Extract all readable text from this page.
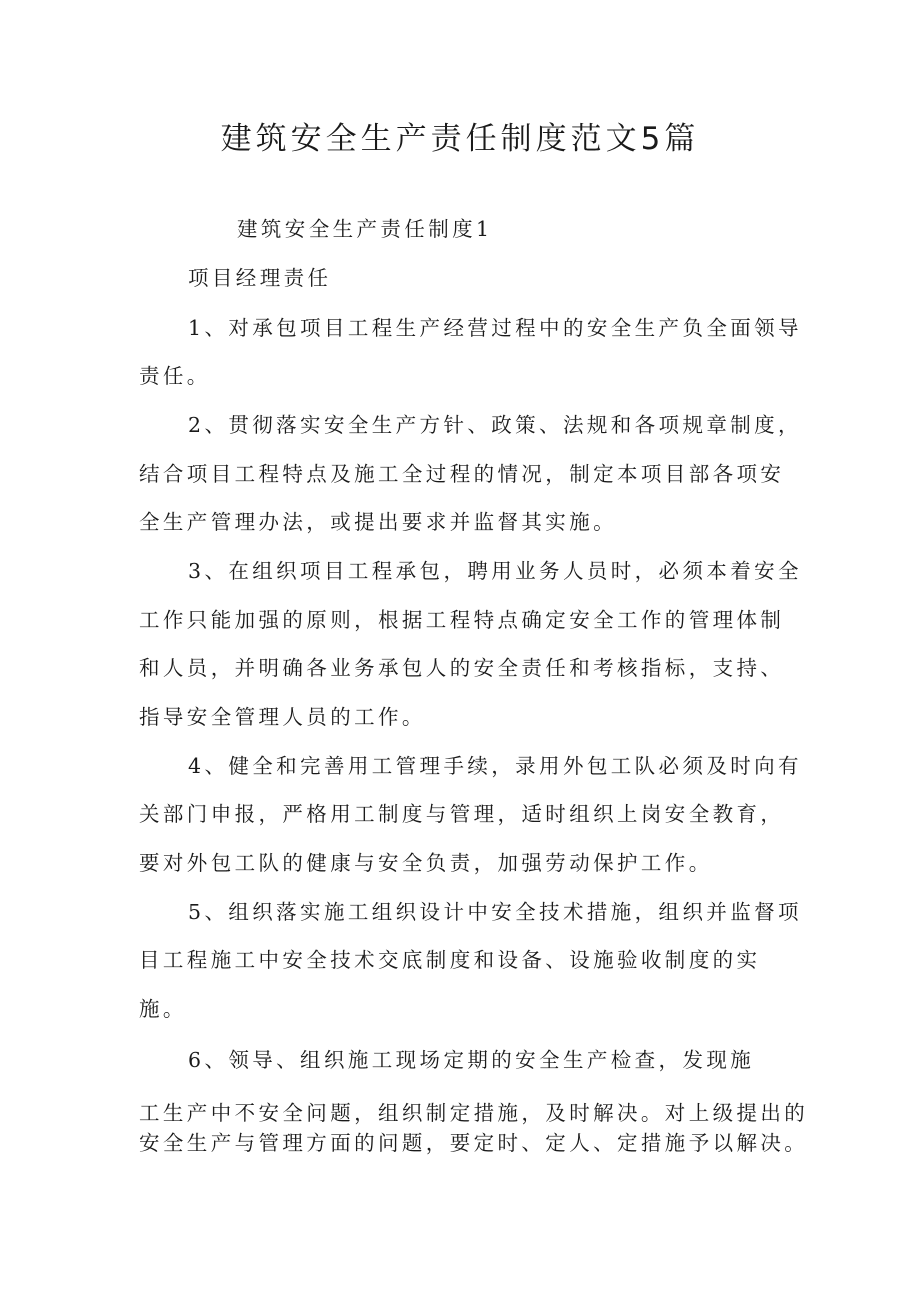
建筑安全生产责任制度范文5篇
建筑安全生产责任制度1
项目经理责任
1、对承包项目工程生产经营过程中的安全生产负全面领导
责任。
2、贯彻落实安全生产方针、政策、法规和各项规章制度，
结合项目工程特点及施工全过程的情况，制定本项目部各项安
全生产管理办法，或提出要求并监督其实施。
3、在组织项目工程承包，聘用业务人员时，必须本着安全
工作只能加强的原则，根据工程特点确定安全工作的管理体制
和人员，并明确各业务承包人的安全责任和考核指标，支持、
指导安全管理人员的工作。
4、健全和完善用工管理手续，录用外包工队必须及时向有
关部门申报，严格用工制度与管理，适时组织上岗安全教育，
要对外包工队的健康与安全负责，加强劳动保护工作。
5、组织落实施工组织设计中安全技术措施，组织并监督项
目工程施工中安全技术交底制度和设备、设施验收制度的实
施。
6、领导、组织施工现场定期的安全生产检查，发现施
工生产中不安全问题，组织制定措施，及时解决。对上级提出的
安全生产与管理方面的问题，要定时、定人、定措施予以解决。
